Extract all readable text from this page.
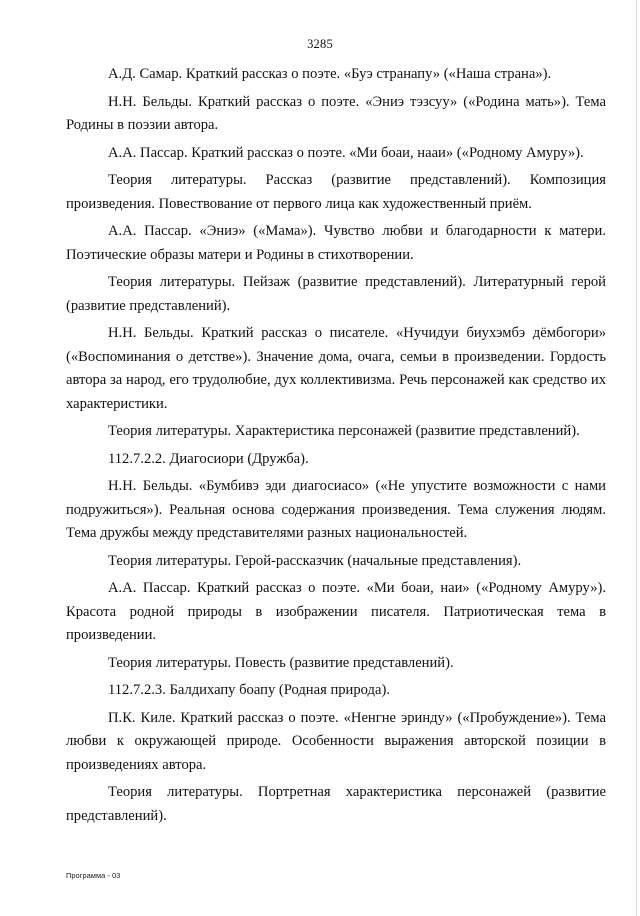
3285

А.Д. Самар. Краткий рассказ о поэте. «Буэ странапу» («Наша страна»).

Н.Н. Бельды. Краткий рассказ о поэте. «Эниэ тэзсуу» («Родина мать»). Тема Родины в поэзии автора.

А.А. Пассар. Краткий рассказ о поэте. «Ми боаи, нааи» («Родному Амуру»).

Теория литературы. Рассказ (развитие представлений). Композиция произведения. Повествование от первого лица как художественный приём.

А.А. Пассар. «Эниэ» («Мама»). Чувство любви и благодарности к матери. Поэтические образы матери и Родины в стихотворении.

Теория литературы. Пейзаж (развитие представлений). Литературный герой (развитие представлений).

Н.Н. Бельды. Краткий рассказ о писателе. «Нучидуи биухэмбэ дёмбогори» («Воспоминания о детстве»). Значение дома, очага, семьи в произведении. Гордость автора за народ, его трудолюбие, дух коллективизма. Речь персонажей как средство их характеристики.

Теория литературы. Характеристика персонажей (развитие представлений).

112.7.2.2. Диагосиори (Дружба).

Н.Н. Бельды. «Бумбивэ эди диагосиасо» («Не упустите возможности с нами подружиться»). Реальная основа содержания произведения. Тема служения людям. Тема дружбы между представителями разных национальностей.

Теория литературы. Герой-рассказчик (начальные представления).

А.А. Пассар. Краткий рассказ о поэте. «Ми боаи, наи» («Родному Амуру»). Красота родной природы в изображении писателя. Патриотическая тема в произведении.

Теория литературы. Повесть (развитие представлений).

112.7.2.3. Балдихапу боапу (Родная природа).

П.К. Киле. Краткий рассказ о поэте. «Ненгне эринду» («Пробуждение»). Тема любви к окружающей природе. Особенности выражения авторской позиции в произведениях автора.

Теория литературы. Портретная характеристика персонажей (развитие представлений).

Программа - 03
